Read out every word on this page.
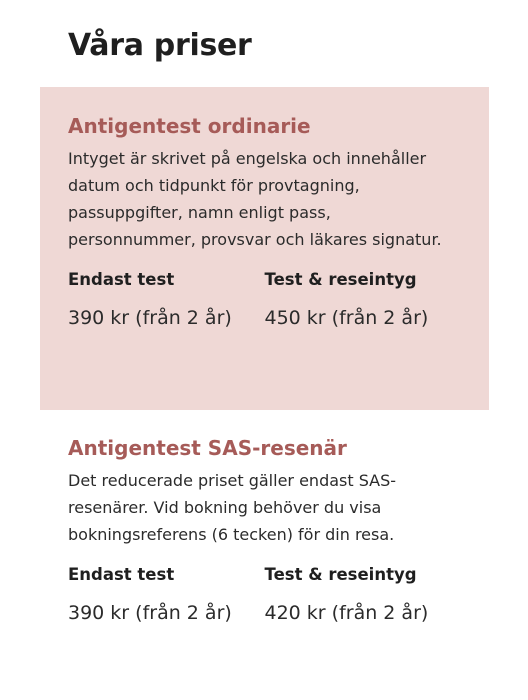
Våra priser
Antigentest ordinarie

Intyget är skrivet på engelska och innehåller datum och tidpunkt för provtagning, passuppgifter, namn enligt pass, personnummer, provsvar och läkares signatur.

Endast test
390 kr (från 2 år)
Test & reseintyg
450 kr (från 2 år)
Antigentest SAS-resenär

Det reducerade priset gäller endast SAS-resenärer. Vid bokning behöver du visa bokningsreferens (6 tecken) för din resa.

Endast test
390 kr (från 2 år)
Test & reseintyg
420 kr (från 2 år)
